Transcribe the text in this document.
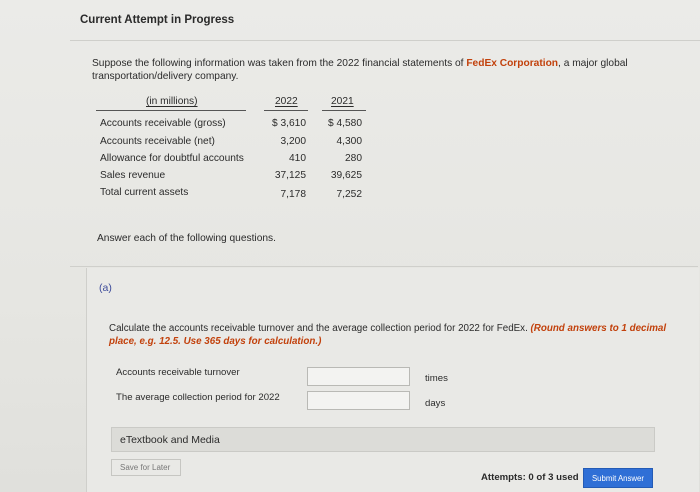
Current Attempt in Progress
Suppose the following information was taken from the 2022 financial statements of FedEx Corporation, a major global transportation/delivery company.
(in millions)	2022	2021
Accounts receivable (gross)	$ 3,610	$ 4,580
Accounts receivable (net)	3,200	4,300
Allowance for doubtful accounts	410	280
Sales revenue	37,125	39,625
Total current assets	7,178	7,252
Answer each of the following questions.
(a)
Calculate the accounts receivable turnover and the average collection period for 2022 for FedEx. (Round answers to 1 decimal place, e.g. 12.5. Use 365 days for calculation.)
Accounts receivable turnover
times
The average collection period for 2022
days
eTextbook and Media
Save for Later
Attempts: 0 of 3 used	Submit Answer
